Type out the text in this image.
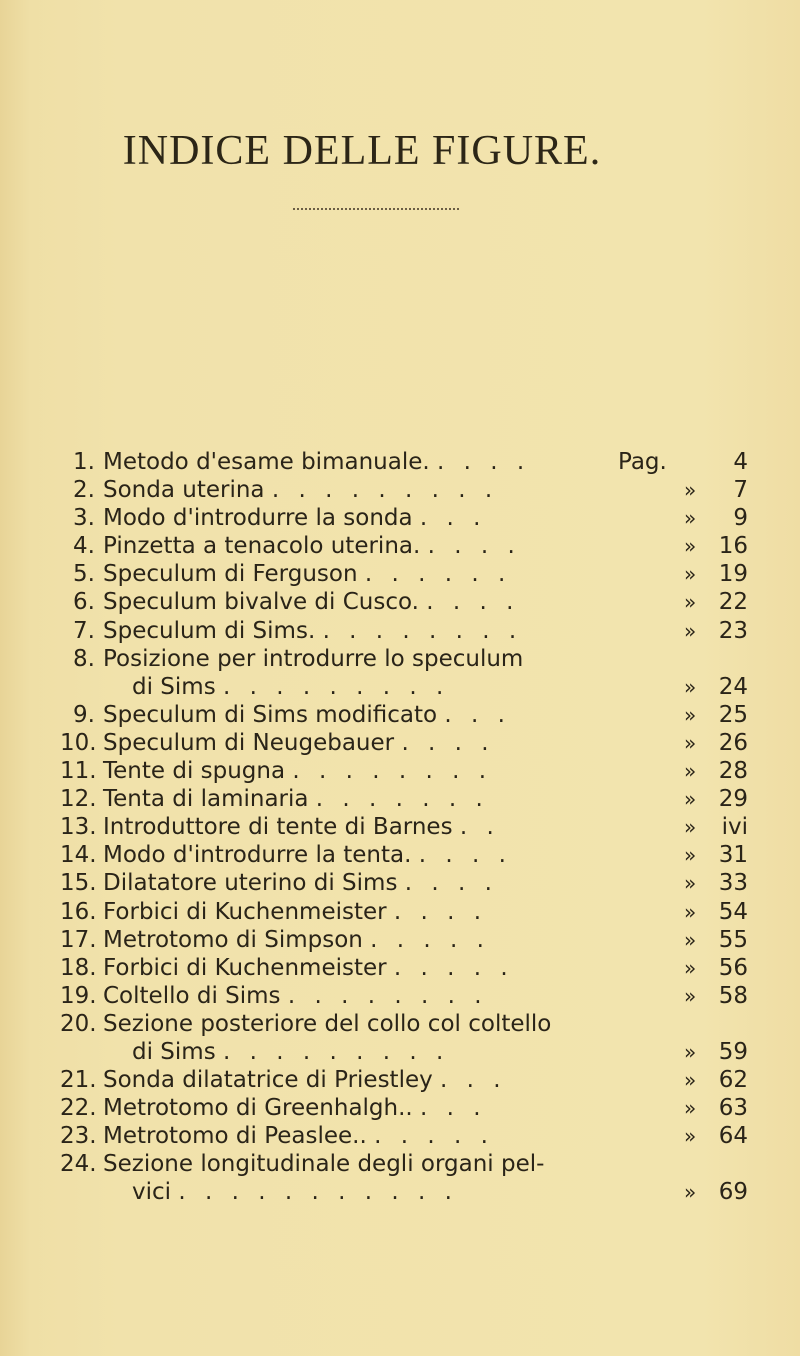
INDICE DELLE FIGURE.
1. Metodo d'esame bimanuale. . . . .	Pag.	4
2. Sonda uterina . . . . . . . . .	»	7
3. Modo d'introdurre la sonda . . .	»	9
4. Pinzetta a tenacolo uterina. . . . .	» 16
5. Speculum di Ferguson . . . . . .	» 19
6. Speculum bivalve di Cusco. . . . .	» 22
7. Speculum di Sims. . . . . . . . .	» 23
8. Posizione per introdurre lo speculum
di Sims . . . . . . . . .	» 24
9. Speculum di Sims modificato . . .	» 25
10. Speculum di Neugebauer . . . .	» 26
11. Tente di spugna . . . . . . . .	» 28
12. Tenta di laminaria . . . . . . .	» 29
13. Introduttore di tente di Barnes . .	»	ivi
14. Modo d'introdurre la tenta. . . . .	» 31
15. Dilatatore uterino di Sims . . . .	» 33
16. Forbici di Kuchenmeister . . . .	» 54
17. Metrotomo di Simpson . . . . .	» 55
18. Forbici di Kuchenmeister . . . . .	» 56
19. Coltello di Sims . . . . . . . .	» 58
20. Sezione posteriore del collo col coltello
di Sims . . . . . . . . .	» 59
21. Sonda dilatatrice di Priestley . . .	» 62
22. Metrotomo di Greenhalgh.. . . .	» 63
23. Metrotomo di Peaslee.. . . . . .	» 64
24. Sezione longitudinale degli organi pel-
vici . . . . . . . . . . .	» 69
